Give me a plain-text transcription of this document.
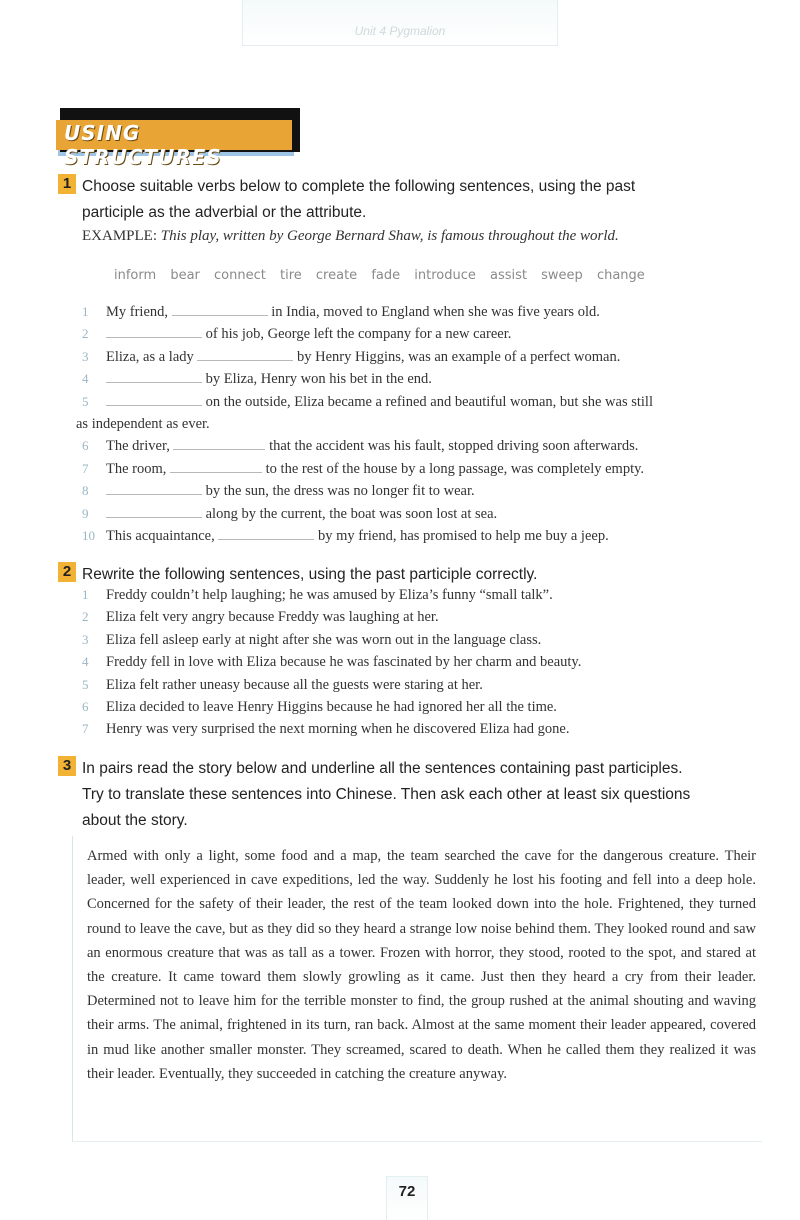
Unit 4 Pygmalion
USING STRUCTURES
1 Choose suitable verbs below to complete the following sentences, using the past
participle as the adverbial or the attribute.
EXAMPLE: This play, written by George Bernard Shaw, is famous throughout the world.
inform bear connect tire create fade introduce assist sweep change
1 My friend,	in India, moved to England when she was five years old.
2	of his job, George left the company for a new career.
3 Eliza, as a lady	by Henry Higgins, was an example of a perfect woman.
4	by Eliza, Henry won his bet in the end.
5	on the outside, Eliza became a refined and beautiful woman, but she was still
as independent as ever.
6 The driver,	that the accident was his fault, stopped driving soon afterwards.
7 The room,	to the rest of the house by a long passage, was completely empty.
8	by the sun, the dress was no longer fit to wear.
9	along by the current, the boat was soon lost at sea.
10 This acquaintance,	by my friend, has promised to help me buy a jeep.
2 Rewrite the following sentences, using the past participle correctly.
1 Freddy couldn’t help laughing; he was amused by Eliza’s funny “small talk”.
2 Eliza felt very angry because Freddy was laughing at her.
3 Eliza fell asleep early at night after she was worn out in the language class.
4 Freddy fell in love with Eliza because he was fascinated by her charm and beauty.
5 Eliza felt rather uneasy because all the guests were staring at her.
6 Eliza decided to leave Henry Higgins because he had ignored her all the time.
7 Henry was very surprised the next morning when he discovered Eliza had gone.
3 In pairs read the story below and underline all the sentences containing past participles.
Try to translate these sentences into Chinese. Then ask each other at least six questions
about the story.
Armed with only a light, some food and a map, the team searched the cave for the dangerous creature. Their leader, well experienced in cave expeditions, led the way. Suddenly he lost his footing and fell into a deep hole. Concerned for the safety of their leader, the rest of the team looked down into the hole. Frightened, they turned round to leave the cave, but as they did so they heard a strange low noise behind them. They looked round and saw an enormous creature that was as tall as a tower. Frozen with horror, they stood, rooted to the spot, and stared at the creature. It came toward them slowly growling as it came. Just then they heard a cry from their leader. Determined not to leave him for the terrible monster to find, the group rushed at the animal shouting and waving their arms. The animal, frightened in its turn, ran back. Almost at the same moment their leader appeared, covered in mud like another smaller monster. They screamed, scared to death. When he called them they realized it was their leader. Eventually, they succeeded in catching the creature anyway.
72
